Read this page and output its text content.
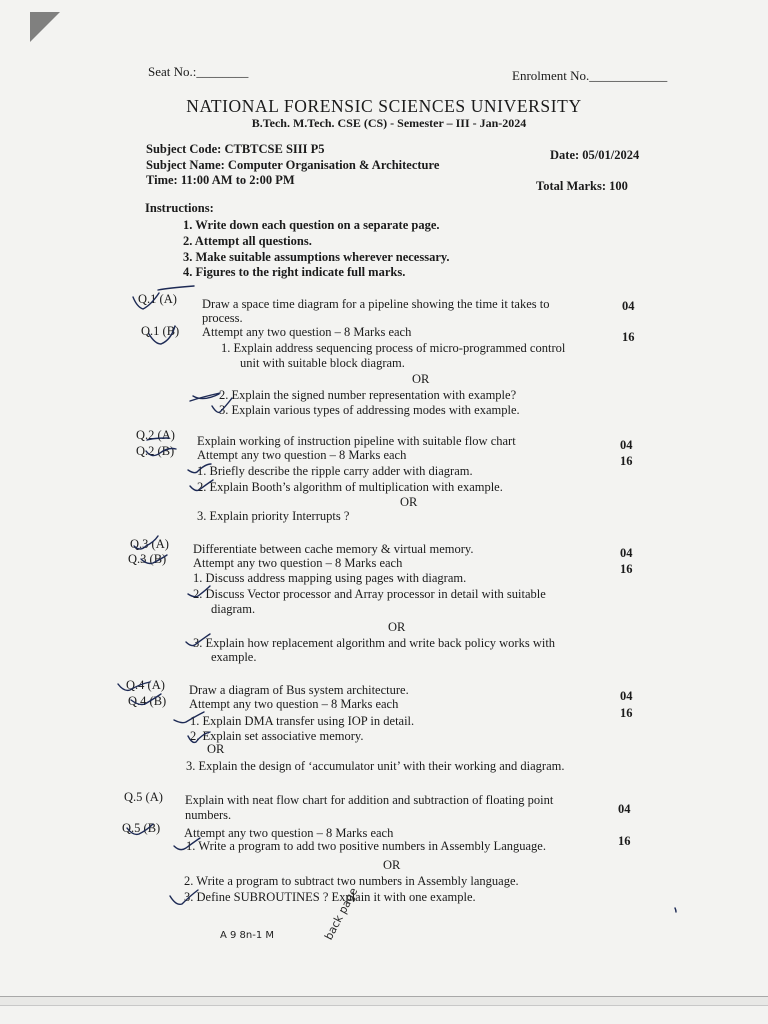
Seat No.:________	Enrolment No.____________
NATIONAL FORENSIC SCIENCES UNIVERSITY
B.Tech. M.Tech. CSE (CS) - Semester – III - Jan-2024
Subject Code: CTBTCSE SIII P5
Subject Name: Computer Organisation & Architecture
Time: 11:00 AM to 2:00 PM
Date: 05/01/2024
Total Marks: 100
Instructions:
1. Write down each question on a separate page.
2. Attempt all questions.
3. Make suitable assumptions wherever necessary.
4. Figures to the right indicate full marks.
Q.1 (A) Draw a space time diagram for a pipeline showing the time it takes to
process.
04
Q.1 (B) Attempt any two question – 8 Marks each	16
1. Explain address sequencing process of micro-programmed control
unit with suitable block diagram.
OR
2. Explain the signed number representation with example?
3. Explain various types of addressing modes with example.
Q.2 (A) Explain working of instruction pipeline with suitable flow chart	04
Q.2 (B) Attempt any two question – 8 Marks each	16
1. Briefly describe the ripple carry adder with diagram.
2. Explain Booth’s algorithm of multiplication with example.
OR
3. Explain priority Interrupts ?
Q.3 (A) Differentiate between cache memory & virtual memory.	04
Q.3 (B) Attempt any two question – 8 Marks each	16
1. Discuss address mapping using pages with diagram.
2. Discuss Vector processor and Array processor in detail with suitable
diagram.
OR
3. Explain how replacement algorithm and write back policy works with
example.
Q.4 (A) Draw a diagram of Bus system architecture.	04
Q.4 (B) Attempt any two question – 8 Marks each
16
1. Explain DMA transfer using IOP in detail.
2. Explain set associative memory.
OR
3. Explain the design of ‘accumulator unit’ with their working and diagram.
Q.5 (A) Explain with neat flow chart for addition and subtraction of floating point
numbers.	04
Q.5 (B) Attempt any two question – 8 Marks each
16
1. Write a program to add two positive numbers in Assembly Language.
OR
2. Write a program to subtract two numbers in Assembly language.
3. Define SUBROUTINES ? Explain it with one example.
A 9 8n-1 M	back page
